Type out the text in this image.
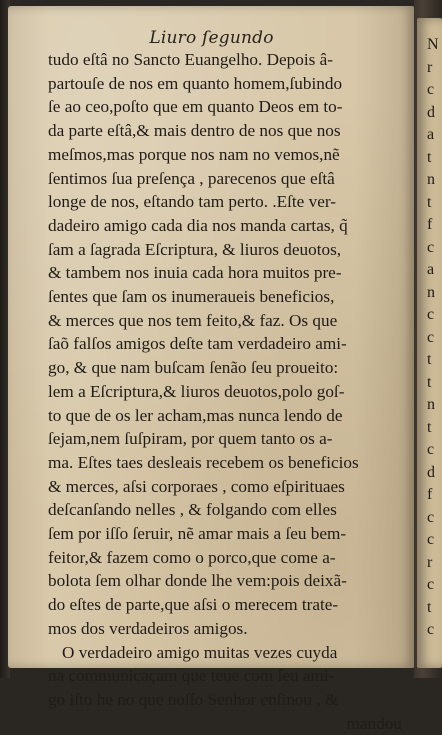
Liuro ſegundo
tudo eſtâ no Sancto Euangelho. Depois â-
partouſe de nos em quanto homem,ſubindo
ſe ao ceo,poſto que em quanto Deos em to-
da parte eſtâ,& mais dentro de nos que nos
meſmos,mas porque nos nam no vemos,nẽ
ſentimos ſua preſença , parecenos que eſtâ
longe de nos, eſtando tam perto. .Eſte ver-
dadeiro amigo cada dia nos manda cartas, q̃
ſam a ſagrada Eſcriptura, & liuros deuotos,
& tambem nos inuia cada hora muitos pre-
ſentes que ſam os inumeraueis beneficios,
& merces que nos tem feito,& faz. Os que
ſaõ falſos amigos deſte tam verdadeiro ami-
go, & que nam buſcam ſenão ſeu proueito:
lem a Eſcriptura,& liuros deuotos,polo goſ-
to que de os ler acham,mas nunca lendo de
ſejam,nem ſuſpiram, por quem tanto os a-
ma. Eſtes taes desleais recebem os beneficios
& merces, aſsi corporaes , como eſpirituaes
deſcanſando nelles , & folgando com elles
ſem por iſſo ſeruir, nẽ amar mais a ſeu bem-
feitor,& fazem como o porco,que come a-
bolota ſem olhar donde lhe vem:pois deixã-
do eſtes de parte,que aſsi o merecem trate-
mos dos verdadeiros amigos.
O verdadeiro amigo muitas vezes cuyda
na communicaçam que teue com ſeu ami-
go iſto he no que noſſo Senhor enſinou , &
mandou
N
r
c
d
a
t
n
t
f
c
a
n
c
c
t
t
n
t
c
d
f
c
c
r
c
t
c
